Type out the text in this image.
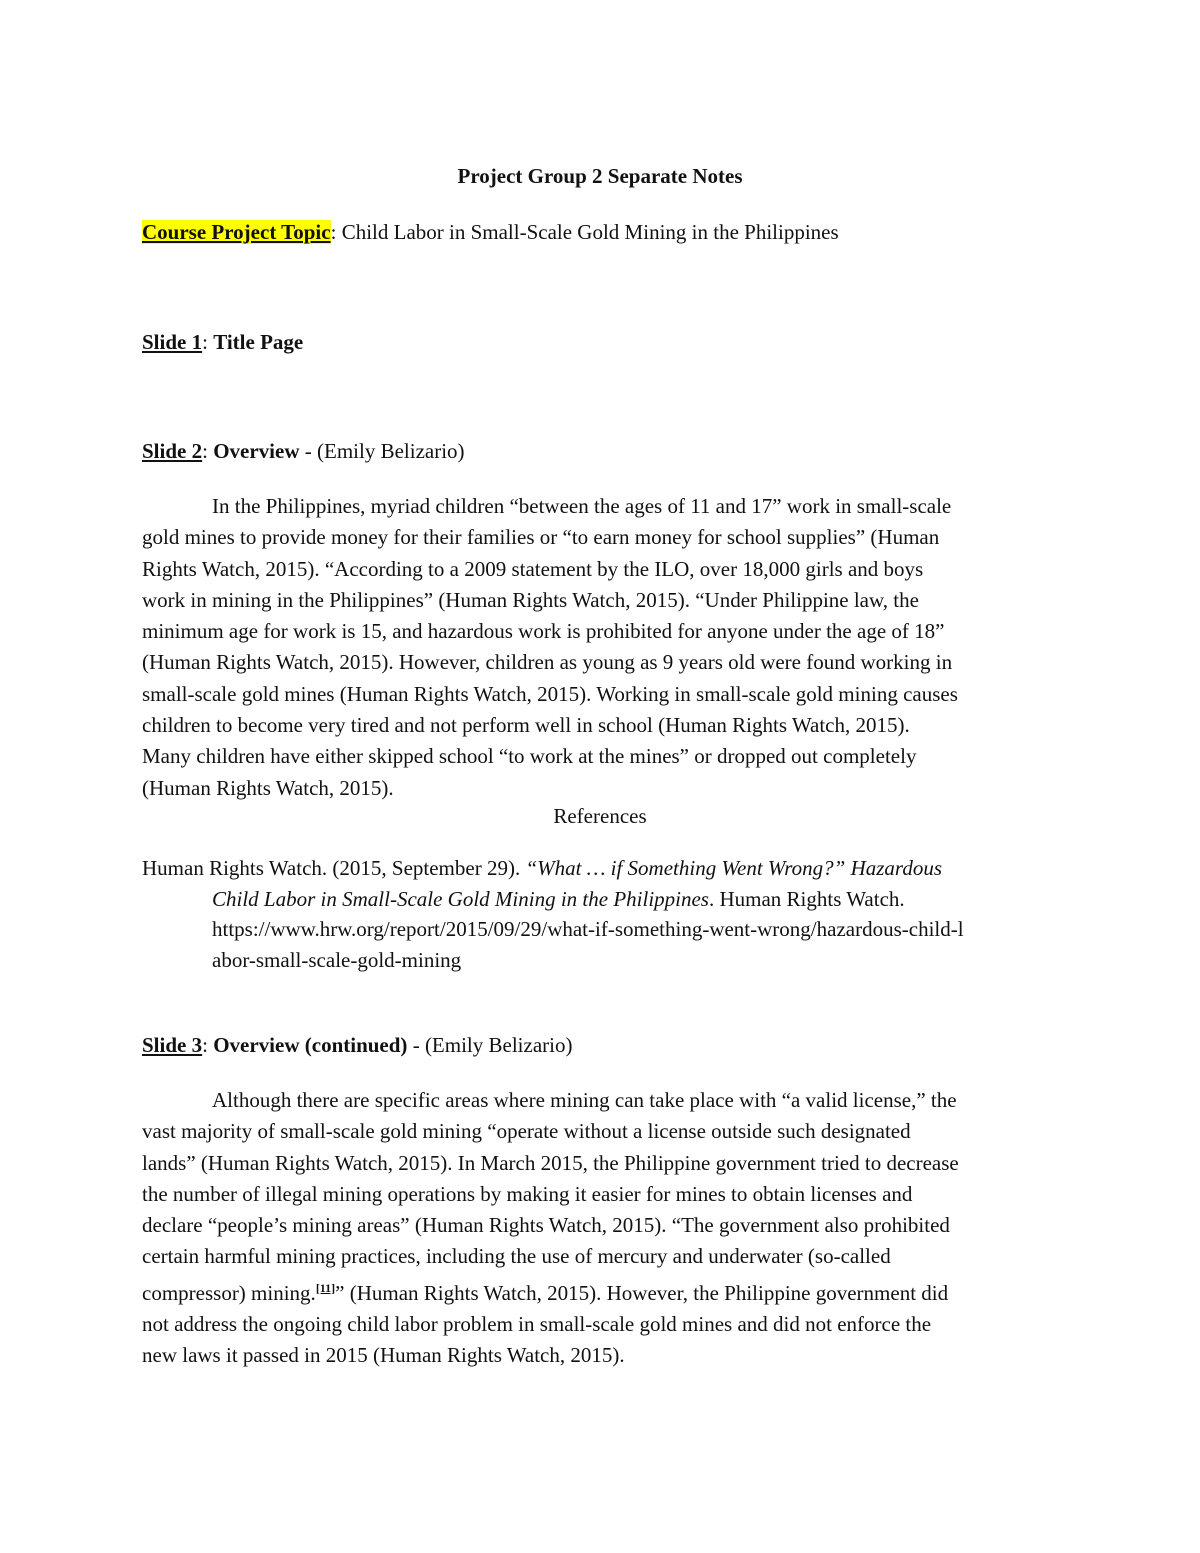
Project Group 2 Separate Notes
Course Project Topic: Child Labor in Small-Scale Gold Mining in the Philippines
Slide 1: Title Page
Slide 2: Overview - (Emily Belizario)
In the Philippines, myriad children “between the ages of 11 and 17” work in small-scale
gold mines to provide money for their families or “to earn money for school supplies” (Human
Rights Watch, 2015). “According to a 2009 statement by the ILO, over 18,000 girls and boys
work in mining in the Philippines” (Human Rights Watch, 2015). “Under Philippine law, the
minimum age for work is 15, and hazardous work is prohibited for anyone under the age of 18”
(Human Rights Watch, 2015). However, children as young as 9 years old were found working in
small-scale gold mines (Human Rights Watch, 2015). Working in small-scale gold mining causes
children to become very tired and not perform well in school (Human Rights Watch, 2015).
Many children have either skipped school “to work at the mines” or dropped out completely
(Human Rights Watch, 2015).
References
Human Rights Watch. (2015, September 29). “What … if Something Went Wrong?” Hazardous
Child Labor in Small-Scale Gold Mining in the Philippines. Human Rights Watch.
https://www.hrw.org/report/2015/09/29/what-if-something-went-wrong/hazardous-child-l
abor-small-scale-gold-mining
Slide 3: Overview (continued) - (Emily Belizario)
Although there are specific areas where mining can take place with “a valid license,” the
vast majority of small-scale gold mining “operate without a license outside such designated
lands” (Human Rights Watch, 2015). In March 2015, the Philippine government tried to decrease
the number of illegal mining operations by making it easier for mines to obtain licenses and
declare “people’s mining areas” (Human Rights Watch, 2015). “The government also prohibited
certain harmful mining practices, including the use of mercury and underwater (so-called
compressor) mining.[11]” (Human Rights Watch, 2015). However, the Philippine government did
not address the ongoing child labor problem in small-scale gold mines and did not enforce the
new laws it passed in 2015 (Human Rights Watch, 2015).
